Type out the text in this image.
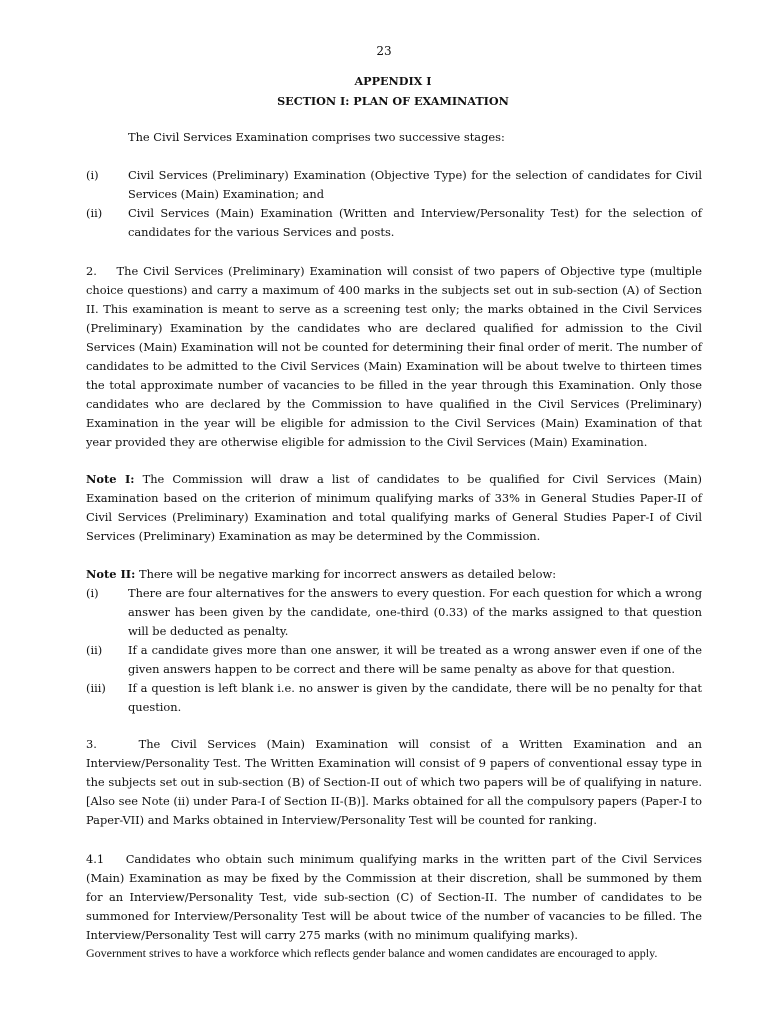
23
APPENDIX I
SECTION I: PLAN OF EXAMINATION

The Civil Services Examination comprises two successive stages:

(i)	Civil Services (Preliminary) Examination (Objective Type) for the selection of candidates for Civil Services (Main) Examination; and
(ii)	Civil Services (Main) Examination (Written and Interview/Personality Test) for the selection of candidates for the various Services and posts.

2.    The Civil Services (Preliminary) Examination will consist of two papers of Objective type (multiple choice questions) and carry a maximum of 400 marks in the subjects set out in sub-section (A) of Section II. This examination is meant to serve as a screening test only; the marks obtained in the Civil Services (Preliminary) Examination by the candidates who are declared qualified for admission to the Civil Services (Main) Examination will not be counted for determining their final order of merit. The number of candidates to be admitted to the Civil Services (Main) Examination will be about twelve to thirteen times the total approximate number of vacancies to be filled in the year through this Examination. Only those candidates who are declared by the Commission to have qualified in the Civil Services (Preliminary) Examination in the year will be eligible for admission to the Civil Services (Main) Examination of that year provided they are otherwise eligible for admission to the Civil Services (Main) Examination.

Note I: The Commission will draw a list of candidates to be qualified for Civil Services (Main) Examination based on the criterion of minimum qualifying marks of 33% in General Studies Paper-II of Civil Services (Preliminary) Examination and total qualifying marks of General Studies Paper-I of Civil Services (Preliminary) Examination as may be determined by the Commission.

Note II: There will be negative marking for incorrect answers as detailed below:

(i)	There are four alternatives for the answers to every question. For each question for which a wrong answer has been given by the candidate, one-third (0.33) of the marks assigned to that question will be deducted as penalty.
(ii)	If a candidate gives more than one answer, it will be treated as a wrong answer even if one of the given answers happen to be correct and there will be same penalty as above for that question.
(iii)	If a question is left blank i.e. no answer is given by the candidate, there will be no penalty for that question.

3.    The Civil Services (Main) Examination will consist of a Written Examination and an Interview/Personality Test. The Written Examination will consist of 9 papers of conventional essay type in the subjects set out in sub-section (B) of Section-II out of which two papers will be of qualifying in nature. [Also see Note (ii) under Para-I of Section II-(B)]. Marks obtained for all the compulsory papers (Paper-I to Paper-VII) and Marks obtained in Interview/Personality Test will be counted for ranking.

4.1    Candidates who obtain such minimum qualifying marks in the written part of the Civil Services (Main) Examination as may be fixed by the Commission at their discretion, shall be summoned by them for an Interview/Personality Test, vide sub-section (C) of Section-II. The number of candidates to be summoned for Interview/Personality Test will be about twice of the number of vacancies to be filled. The Interview/Personality Test will carry 275 marks (with no minimum qualifying marks).

Government strives to have a workforce which reflects gender balance and women candidates are encouraged to apply.
